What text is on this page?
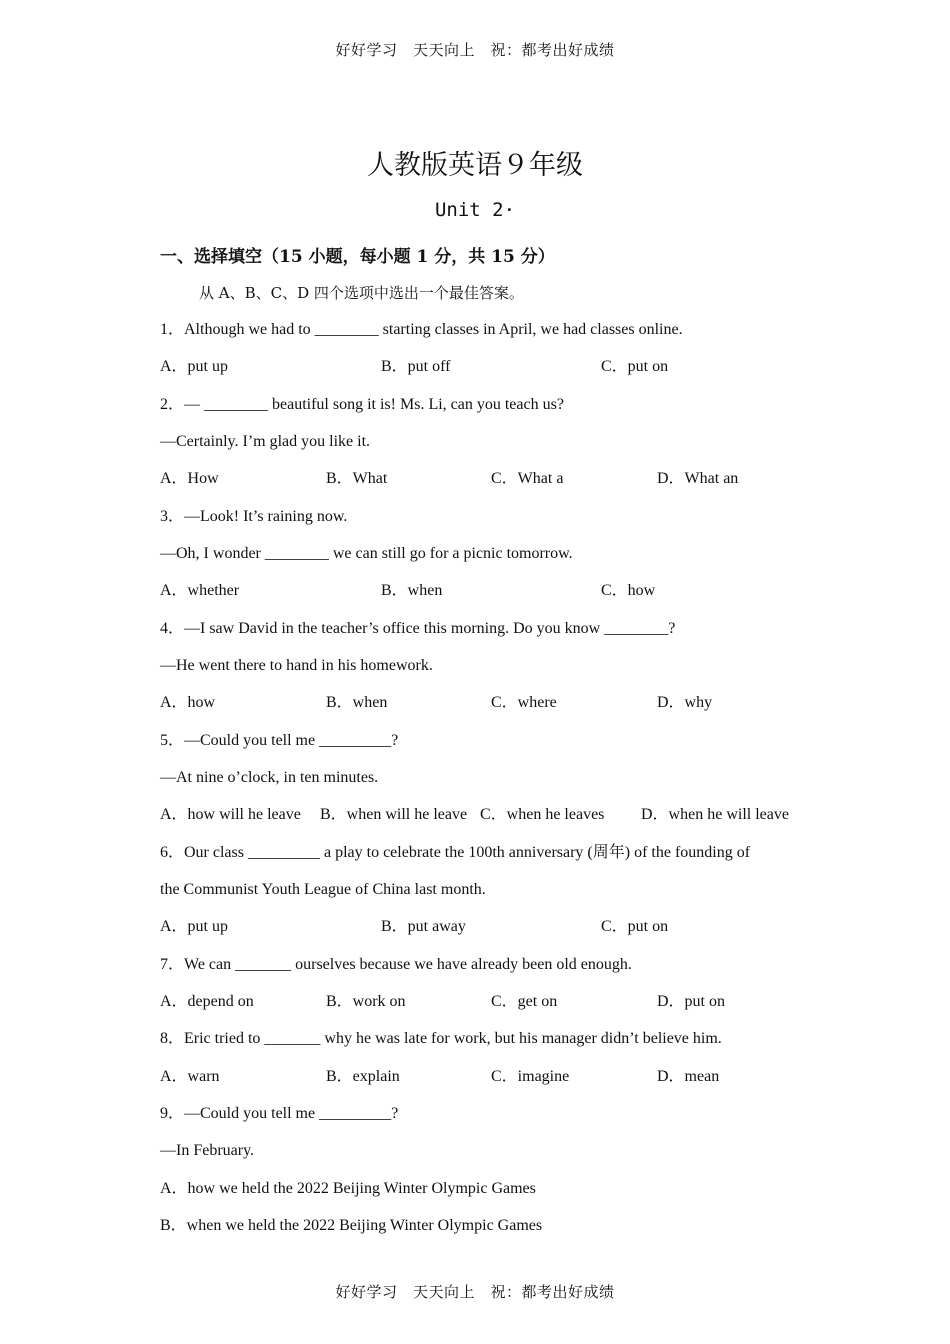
好好学习　天天向上　祝：都考出好成绩
人教版英语９年级
Unit 2·
一、选择填空（15 小题，每小题 1 分，共 15 分）
从 A、B、C、D 四个选项中选出一个最佳答案。
1．Although we had to ________ starting classes in April, we had classes online.
A．put up	B．put off	C．put on
2．— ________ beautiful song it is! Ms. Li, can you teach us?
—Certainly. I’m glad you like it.
A．How	B．What	C．What a	D．What an
3．—Look! It’s raining now.
—Oh, I wonder ________ we can still go for a picnic tomorrow.
A．whether	B．when	C．how
4．—I saw David in the teacher’s office this morning. Do you know ________?
—He went there to hand in his homework.
A．how	B．when	C．where	D．why
5．—Could you tell me _________?
—At nine o’clock, in ten minutes.
A．how will he leave B．when will he leave C．when he leaves D．when he will leave
6．Our class _________ a play to celebrate the 100th anniversary (周年) of the founding of
the Communist Youth League of China last month.
A．put up	B．put away	C．put on
7．We can _______ ourselves because we have already been old enough.
A．depend on	B．work on	C．get on	D．put on
8．Eric tried to _______ why he was late for work, but his manager didn’t believe him.
A．warn	B．explain	C．imagine	D．mean
9．—Could you tell me _________?
—In February.
A．how we held the 2022 Beijing Winter Olympic Games
B．when we held the 2022 Beijing Winter Olympic Games
好好学习　天天向上　祝：都考出好成绩
